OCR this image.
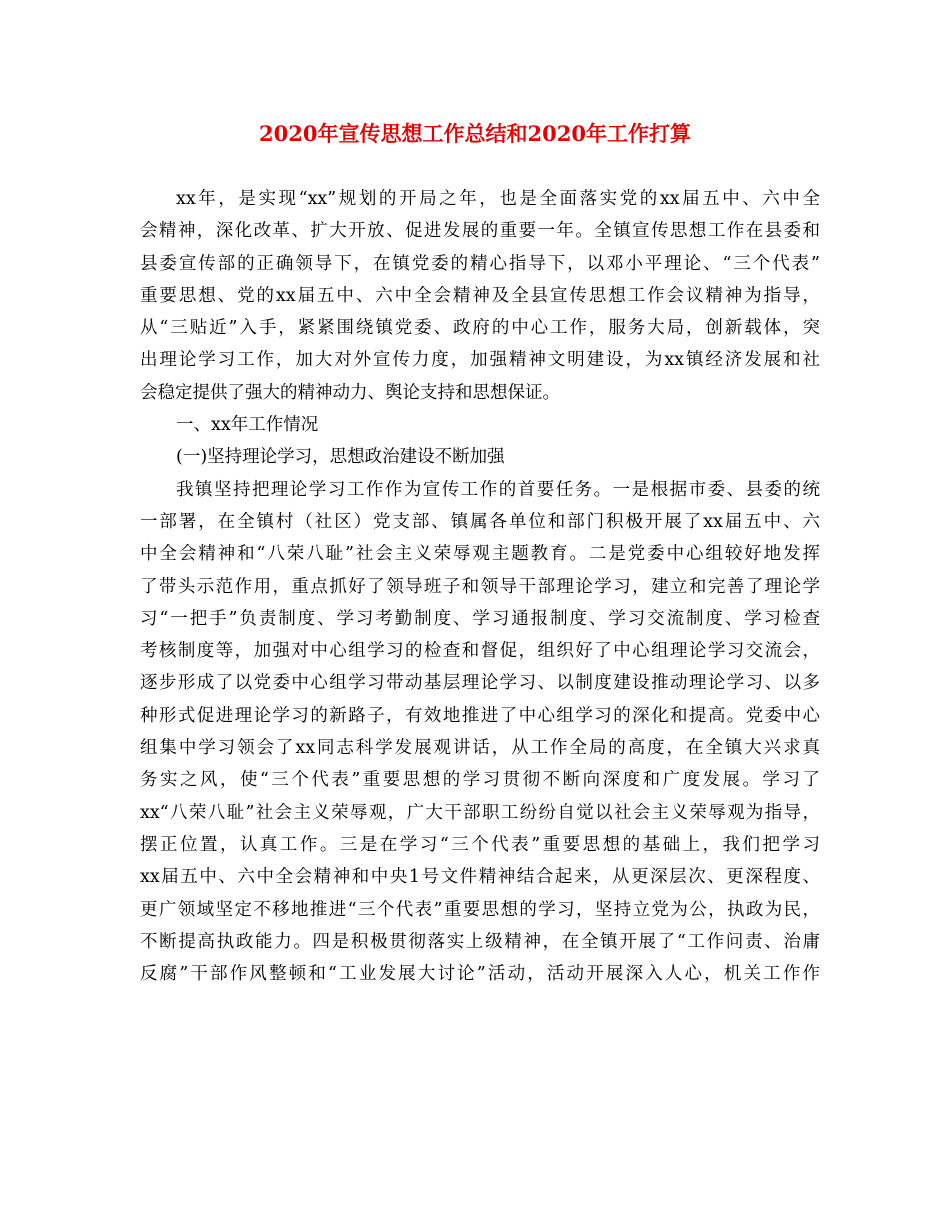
2020年宣传思想工作总结和2020年工作打算
xx年，是实现“xx”规划的开局之年，也是全面落实党的xx届五中、六中全
会精神，深化改革、扩大开放、促进发展的重要一年。全镇宣传思想工作在县委和
县委宣传部的正确领导下，在镇党委的精心指导下，以邓小平理论、“三个代表”
重要思想、党的xx届五中、六中全会精神及全县宣传思想工作会议精神为指导，
从“三贴近”入手，紧紧围绕镇党委、政府的中心工作，服务大局，创新载体，突
出理论学习工作，加大对外宣传力度，加强精神文明建设，为xx镇经济发展和社
会稳定提供了强大的精神动力、舆论支持和思想保证。
一、xx年工作情况
(一)坚持理论学习，思想政治建设不断加强
我镇坚持把理论学习工作作为宣传工作的首要任务。一是根据市委、县委的统
一部署，在全镇村（社区）党支部、镇属各单位和部门积极开展了xx届五中、六
中全会精神和“八荣八耻”社会主义荣辱观主题教育。二是党委中心组较好地发挥
了带头示范作用，重点抓好了领导班子和领导干部理论学习，建立和完善了理论学
习“一把手”负责制度、学习考勤制度、学习通报制度、学习交流制度、学习检查
考核制度等，加强对中心组学习的检查和督促，组织好了中心组理论学习交流会，
逐步形成了以党委中心组学习带动基层理论学习、以制度建设推动理论学习、以多
种形式促进理论学习的新路子，有效地推进了中心组学习的深化和提高。党委中心
组集中学习领会了xx同志科学发展观讲话，从工作全局的高度，在全镇大兴求真
务实之风，使“三个代表”重要思想的学习贯彻不断向深度和广度发展。学习了
xx“八荣八耻”社会主义荣辱观，广大干部职工纷纷自觉以社会主义荣辱观为指导，
摆正位置，认真工作。三是在学习“三个代表”重要思想的基础上，我们把学习
xx届五中、六中全会精神和中央1号文件精神结合起来，从更深层次、更深程度、
更广领域坚定不移地推进“三个代表”重要思想的学习，坚持立党为公，执政为民，
不断提高执政能力。四是积极贯彻落实上级精神，在全镇开展了“工作问责、治庸
反腐”干部作风整顿和“工业发展大讨论”活动，活动开展深入人心，机关工作作
